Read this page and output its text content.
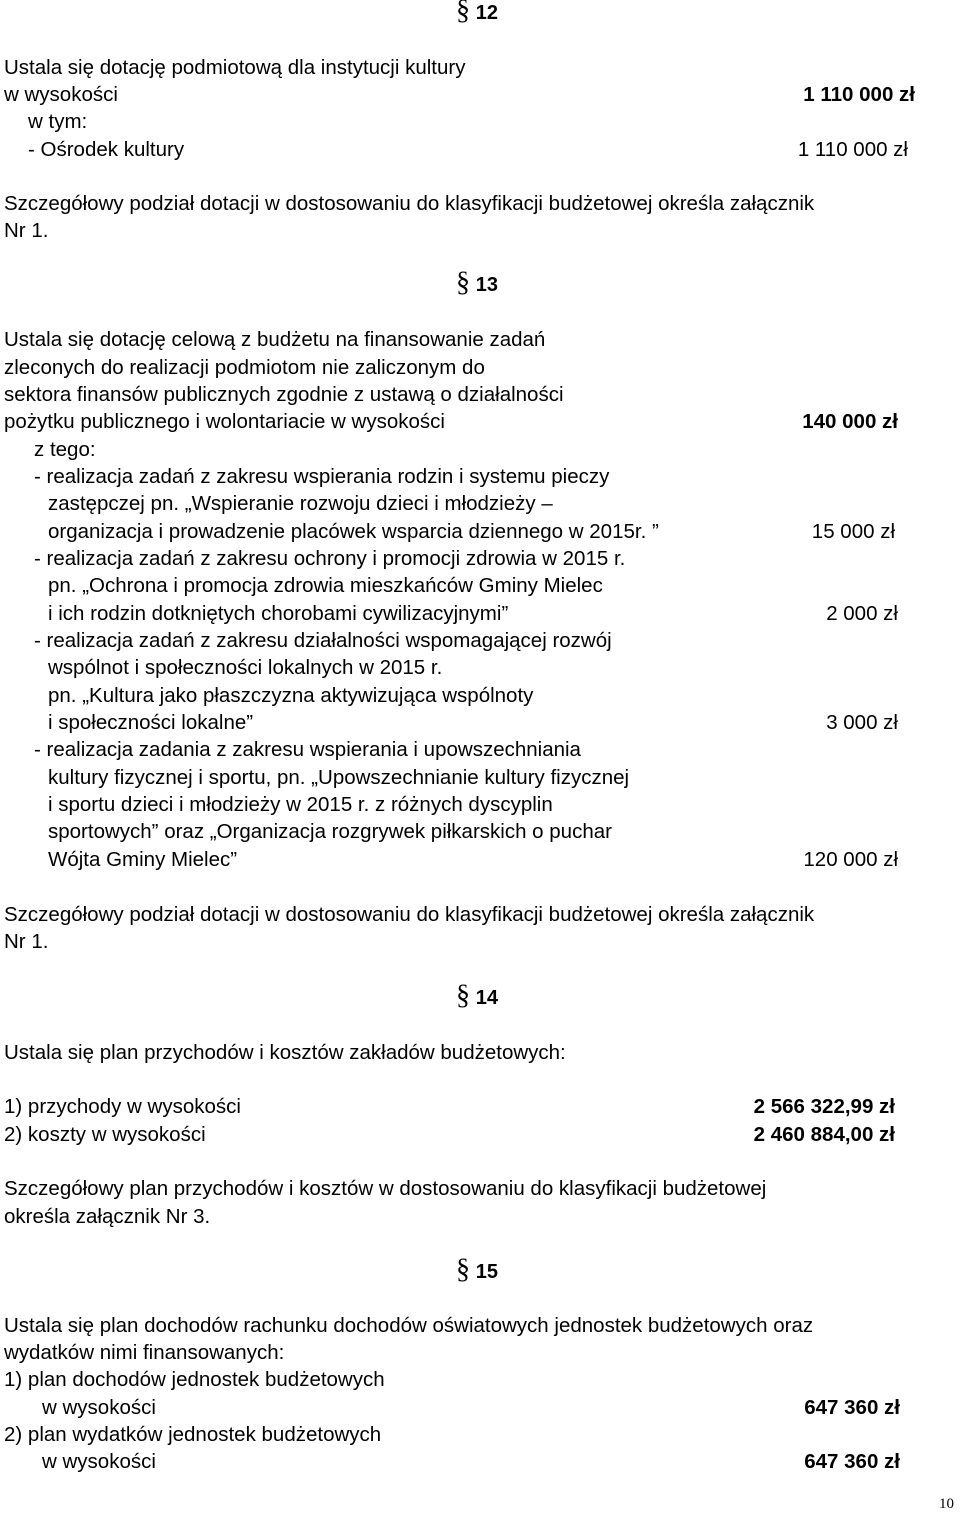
§ 12
Ustala się dotację podmiotową dla instytucji kultury
w wysokości	1 110 000 zł
w tym:
- Ośrodek kultury	1 110 000 zł
Szczegółowy podział dotacji w dostosowaniu do klasyfikacji budżetowej określa załącznik
Nr 1.
§ 13
Ustala się dotację celową z budżetu na finansowanie zadań
zleconych do realizacji podmiotom nie zaliczonym do
sektora finansów publicznych zgodnie z ustawą o działalności
pożytku publicznego i wolontariacie w wysokości	140 000 zł
z tego:
- realizacja zadań z zakresu wspierania rodzin i systemu pieczy
zastępczej pn. „Wspieranie rozwoju dzieci i młodzieży –
organizacja i prowadzenie placówek wsparcia dziennego w 2015r. ”	15 000 zł
- realizacja zadań z zakresu ochrony i promocji zdrowia w 2015 r.
pn. „Ochrona i promocja zdrowia mieszkańców Gminy Mielec
i ich rodzin dotkniętych chorobami cywilizacyjnymi”	2 000 zł
- realizacja zadań z zakresu działalności wspomagającej rozwój
wspólnot i społeczności lokalnych w 2015 r.
pn. „Kultura jako płaszczyzna aktywizująca wspólnoty
i społeczności lokalne”	3 000 zł
- realizacja zadania z zakresu wspierania i upowszechniania
kultury fizycznej i sportu, pn. „Upowszechnianie kultury fizycznej
i sportu dzieci i młodzieży w 2015 r. z różnych dyscyplin
sportowych” oraz „Organizacja rozgrywek piłkarskich o puchar
Wójta Gminy Mielec”	120 000 zł
Szczegółowy podział dotacji w dostosowaniu do klasyfikacji budżetowej określa załącznik
Nr 1.
§ 14
Ustala się plan przychodów i kosztów zakładów budżetowych:
1) przychody w wysokości	2 566 322,99 zł
2) koszty w wysokości	2 460 884,00 zł
Szczegółowy plan przychodów i kosztów w dostosowaniu do klasyfikacji budżetowej
określa załącznik Nr 3.
§ 15
Ustala się plan dochodów rachunku dochodów oświatowych jednostek budżetowych oraz
wydatków nimi finansowanych:
1) plan dochodów jednostek budżetowych
w wysokości	647 360 zł
2) plan wydatków jednostek budżetowych
w wysokości	647 360 zł
10
